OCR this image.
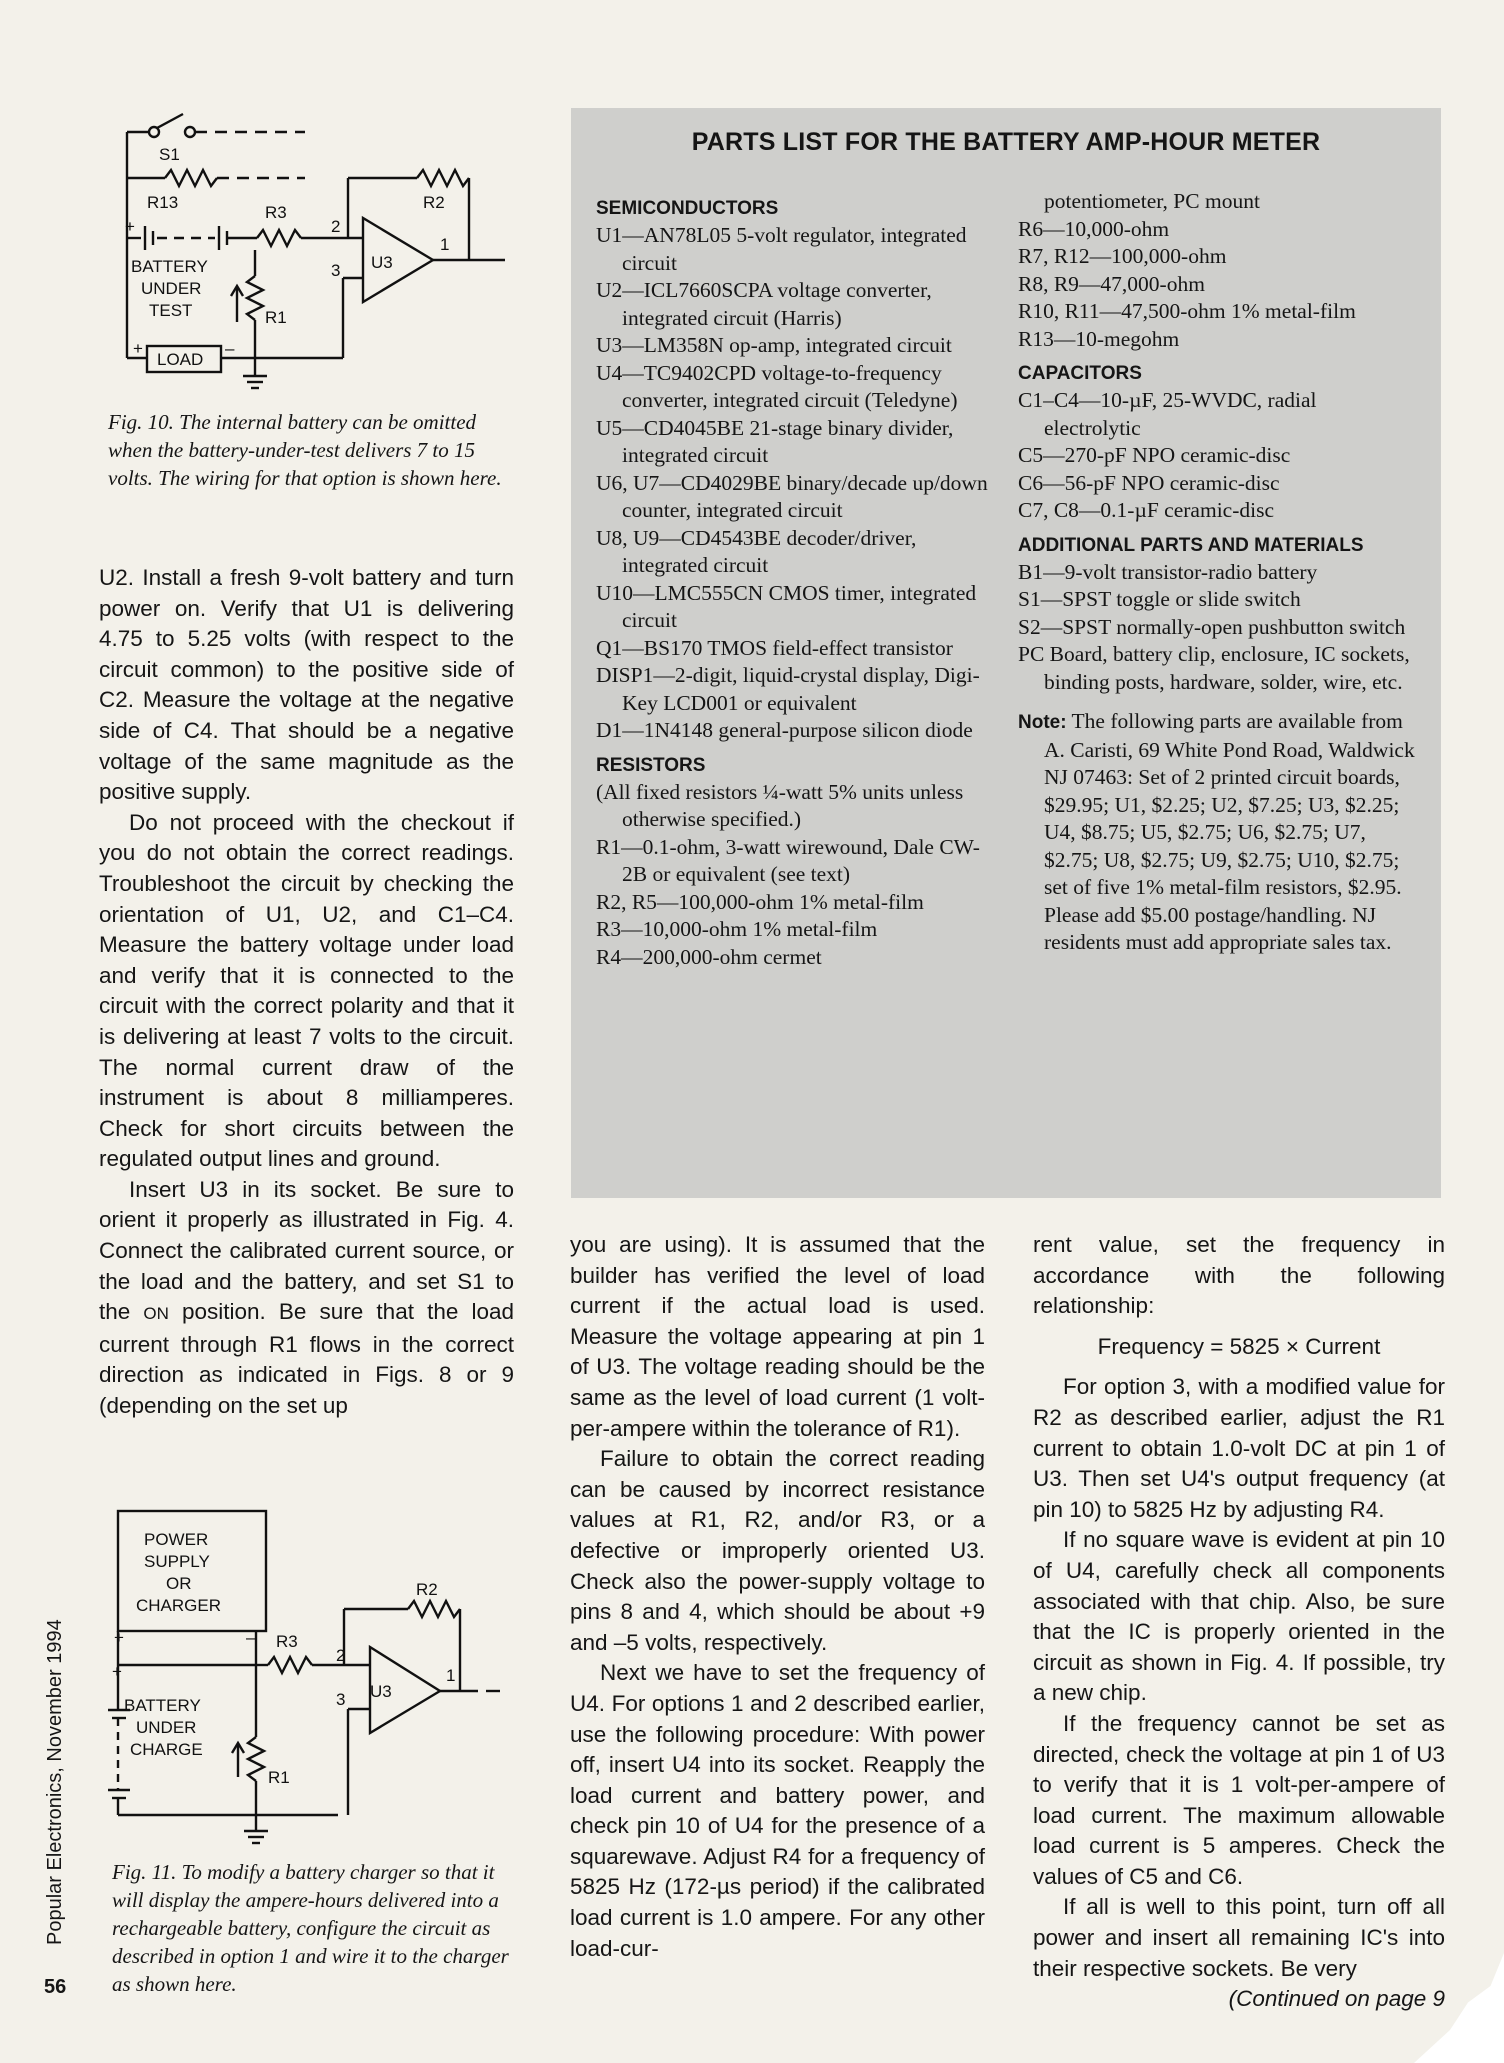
S1
R13
R3
R2
BATTERY
UNDER
TEST	R1
U3
LOAD
1
2
3
+
+	–
Fig. 10. The internal battery can be omitted when the battery-under-test delivers 7 to 15 volts. The wiring for that option is shown here.

U2. Install a fresh 9-volt battery and turn power on. Verify that U1 is delivering 4.75 to 5.25 volts (with respect to the circuit common) to the positive side of C2. Measure the voltage at the negative side of C4. That should be a negative voltage of the same magnitude as the positive supply.

Do not proceed with the checkout if you do not obtain the correct readings. Troubleshoot the circuit by checking the orientation of U1, U2, and C1–C4. Measure the battery voltage under load and verify that it is connected to the circuit with the correct polarity and that it is delivering at least 7 volts to the circuit. The normal current draw of the instrument is about 8 milliamperes. Check for short circuits between the regulated output lines and ground.

Insert U3 in its socket. Be sure to orient it properly as illustrated in Fig. 4. Connect the calibrated current source, or the load and the battery, and set S1 to the ON position. Be sure that the load current through R1 flows in the correct direction as indicated in Figs. 8 or 9 (depending on the set up

POWER
SUPPLY
OR
CHARGER
R2
R3
U3
BATTERY
UNDER
CHARGE
R1
1
2
3
+
+	–
–
Fig. 11. To modify a battery charger so that it will display the ampere-hours delivered into a rechargeable battery, configure the circuit as described in option 1 and wire it to the charger as shown here.
Popular Electronics, November 1994
56
PARTS LIST FOR THE BATTERY AMP-HOUR METER
SEMICONDUCTORS
U1—AN78L05 5-volt regulator, integrated circuit
U2—ICL7660SCPA voltage converter, integrated circuit (Harris)
U3—LM358N op-amp, integrated circuit
U4—TC9402CPD voltage-to-frequency converter, integrated circuit (Teledyne)
U5—CD4045BE 21-stage binary divider, integrated circuit
U6, U7—CD4029BE binary/decade up/down counter, integrated circuit
U8, U9—CD4543BE decoder/driver, integrated circuit
U10—LMC555CN CMOS timer, integrated circuit
Q1—BS170 TMOS field-effect transistor
DISP1—2-digit, liquid-crystal display, Digi-Key LCD001 or equivalent
D1—1N4148 general-purpose silicon diode
RESISTORS
(All fixed resistors ¼-watt 5% units unless otherwise specified.)
R1—0.1-ohm, 3-watt wirewound, Dale CW-2B or equivalent (see text)
R2, R5—100,000-ohm 1% metal-film
R3—10,000-ohm 1% metal-film
R4—200,000-ohm cermet
potentiometer, PC mount
R6—10,000-ohm
R7, R12—100,000-ohm
R8, R9—47,000-ohm
R10, R11—47,500-ohm 1% metal-film
R13—10-megohm
CAPACITORS
C1–C4—10-µF, 25-WVDC, radial electrolytic
C5—270-pF NPO ceramic-disc
C6—56-pF NPO ceramic-disc
C7, C8—0.1-µF ceramic-disc
ADDITIONAL PARTS AND MATERIALS
B1—9-volt transistor-radio battery
S1—SPST toggle or slide switch
S2—SPST normally-open pushbutton switch
PC Board, battery clip, enclosure, IC sockets, binding posts, hardware, solder, wire, etc.
Note: The following parts are available from A. Caristi, 69 White Pond Road, Waldwick NJ 07463: Set of 2 printed circuit boards, $29.95; U1, $2.25; U2, $7.25; U3, $2.25; U4, $8.75; U5, $2.75; U6, $2.75; U7, $2.75; U8, $2.75; U9, $2.75; U10, $2.75; set of five 1% metal-film resistors, $2.95. Please add $5.00 postage/handling. NJ residents must add appropriate sales tax.

you are using). It is assumed that the builder has verified the level of load current if the actual load is used. Measure the voltage appearing at pin 1 of U3. The voltage reading should be the same as the level of load current (1 volt-per-ampere within the tolerance of R1).

Failure to obtain the correct reading can be caused by incorrect resistance values at R1, R2, and/or R3, or a defective or improperly oriented U3. Check also the power-supply voltage to pins 8 and 4, which should be about +9 and –5 volts, respectively.

Next we have to set the frequency of U4. For options 1 and 2 described earlier, use the following procedure: With power off, insert U4 into its socket. Reapply the load current and battery power, and check pin 10 of U4 for the presence of a squarewave. Adjust R4 for a frequency of 5825 Hz (172-µs period) if the calibrated load current is 1.0 ampere. For any other load-cur-

rent value, set the frequency in accordance with the following relationship:

Frequency = 5825 × Current

For option 3, with a modified value for R2 as described earlier, adjust the R1 current to obtain 1.0-volt DC at pin 1 of U3. Then set U4's output frequency (at pin 10) to 5825 Hz by adjusting R4.

If no square wave is evident at pin 10 of U4, carefully check all components associated with that chip. Also, be sure that the IC is properly oriented in the circuit as shown in Fig. 4. If possible, try a new chip.

If the frequency cannot be set as directed, check the voltage at pin 1 of U3 to verify that it is 1 volt-per-ampere of load current. The maximum allowable load current is 5 amperes. Check the values of C5 and C6.

If all is well to this point, turn off all power and insert all remaining IC's into their respective sockets. Be very

(Continued on page 9
